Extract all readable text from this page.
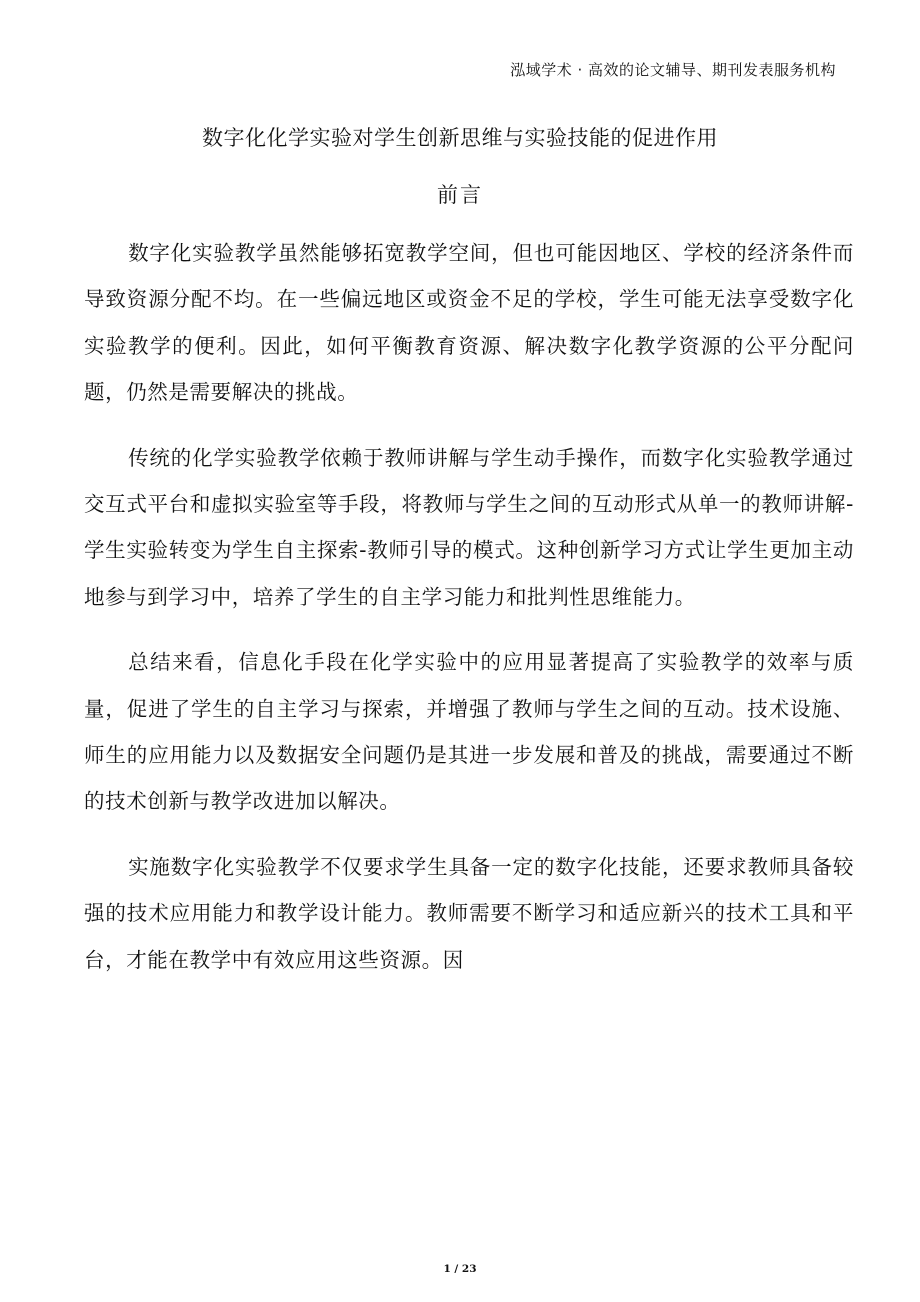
泓域学术 · 高效的论文辅导、期刊发表服务机构
数字化化学实验对学生创新思维与实验技能的促进作用
前言

数字化实验教学虽然能够拓宽教学空间，但也可能因地区、学校的经济条件而导致资源分配不均。在一些偏远地区或资金不足的学校，学生可能无法享受数字化实验教学的便利。因此，如何平衡教育资源、解决数字化教学资源的公平分配问题，仍然是需要解决的挑战。

传统的化学实验教学依赖于教师讲解与学生动手操作，而数字化实验教学通过交互式平台和虚拟实验室等手段，将教师与学生之间的互动形式从单一的教师讲解-学生实验转变为学生自主探索-教师引导的模式。这种创新学习方式让学生更加主动地参与到学习中，培养了学生的自主学习能力和批判性思维能力。

总结来看，信息化手段在化学实验中的应用显著提高了实验教学的效率与质量，促进了学生的自主学习与探索，并增强了教师与学生之间的互动。技术设施、师生的应用能力以及数据安全问题仍是其进一步发展和普及的挑战，需要通过不断的技术创新与教学改进加以解决。

实施数字化实验教学不仅要求学生具备一定的数字化技能，还要求教师具备较强的技术应用能力和教学设计能力。教师需要不断学习和适应新兴的技术工具和平台，才能在教学中有效应用这些资源。因

1 / 23
